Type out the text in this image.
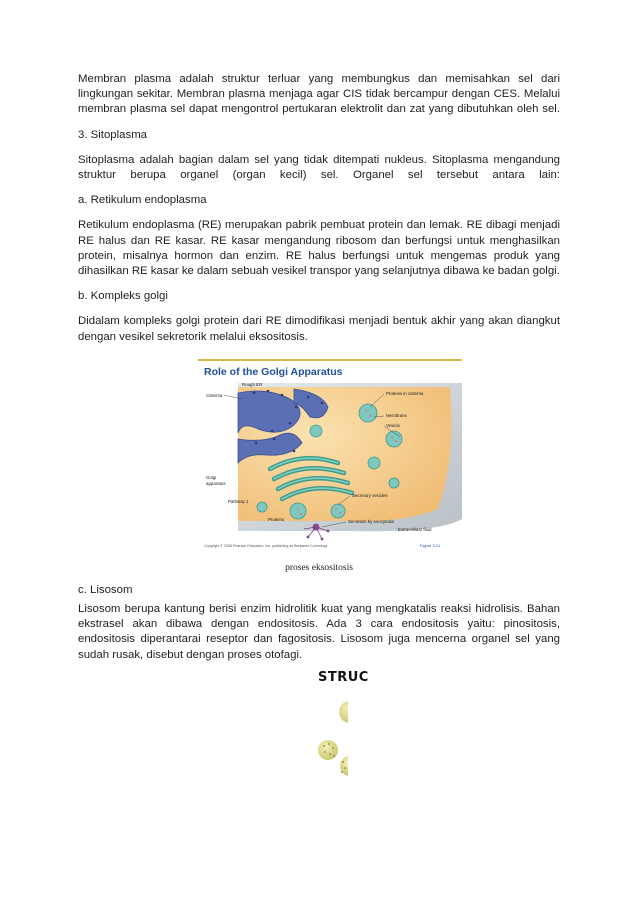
Membran plasma adalah struktur terluar yang membungkus dan memisahkan sel dari lingkungan sekitar. Membran plasma menjaga agar CIS tidak bercampur dengan CES. Melalui membran plasma sel dapat mengontrol pertukaran elektrolit dan zat yang dibutuhkan oleh sel.

3. Sitoplasma

Sitoplasma adalah bagian dalam sel yang tidak ditempati nukleus. Sitoplasma mengandung struktur berupa organel (organ kecil) sel. Organel sel tersebut antara lain:

a. Retikulum endoplasma

Retikulum endoplasma (RE) merupakan pabrik pembuat protein dan lemak. RE dibagi menjadi RE halus dan RE kasar. RE kasar mengandung ribosom dan berfungsi untuk menghasilkan protein, misalnya hormon dan enzim. RE halus berfungsi untuk mengemas produk yang dihasilkan RE kasar ke dalam sebuah vesikel transpor yang selanjutnya dibawa ke badan golgi.

b. Kompleks golgi

Didalam kompleks golgi protein dari RE dimodifikasi menjadi bentuk akhir yang akan diangkut dengan vesikel sekretorik melalui eksositosis.

Role of the Golgi Apparatus
Rough ER
Cisterna	Proteins in cisterna
Membrane
Vesicle
Golgi
apparatus
Secretory vesicles
Pathway 1
Proteins	Secretion by exocytosis
Extracellular fluid
Copyright © 2006 Pearson Education, Inc. publishing as Benjamin Cummings	Figure 3.21
proses eksositosis

c. Lisosom

Lisosom berupa kantung berisi enzim hidrolitik kuat yang mengkatalis reaksi hidrolisis. Bahan ekstrasel akan dibawa dengan endositosis. Ada 3 cara endositosis yaitu: pinositosis, endositosis diperantarai reseptor dan fagositosis. Lisosom juga mencerna organel sel yang sudah rusak, disebut dengan proses otofagi.

STRUC
